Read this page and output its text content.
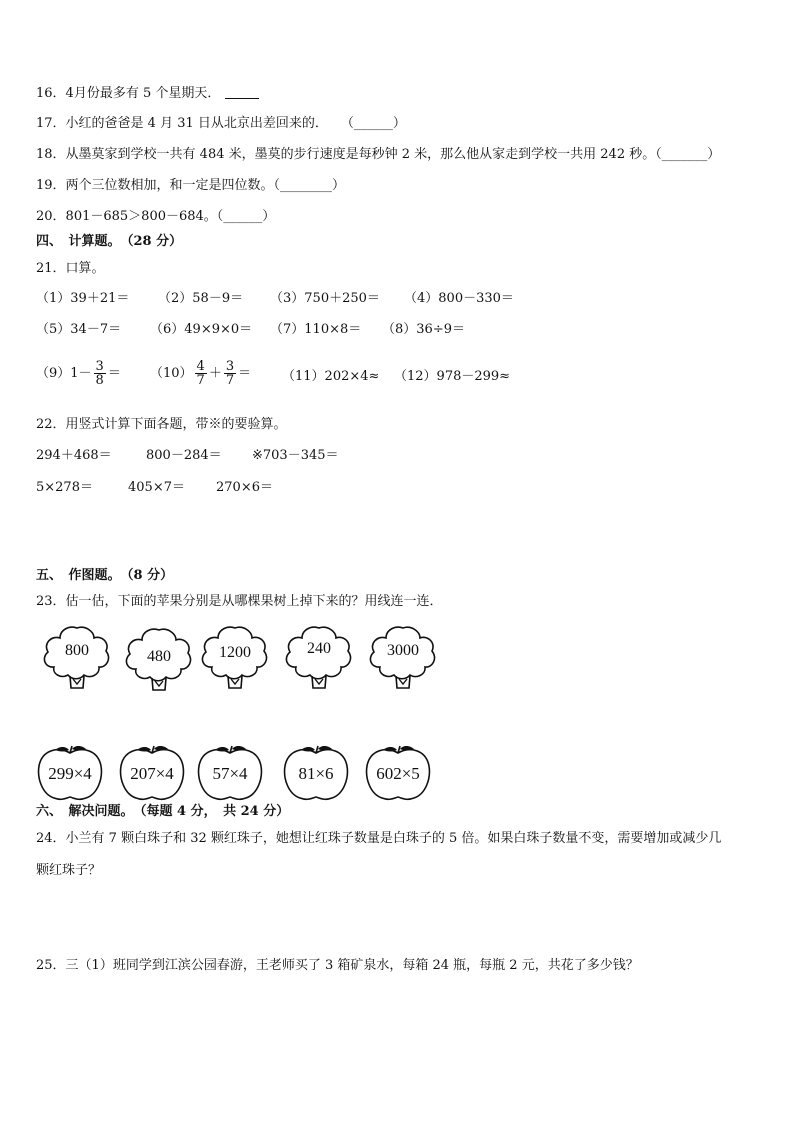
16．4月份最多有 5 个星期天．
17．小红的爸爸是 4 月 31 日从北京出差回来的．　　（______）
18．从墨莫家到学校一共有 484 米，墨莫的步行速度是每秒钟 2 米，那么他从家走到学校一共用 242 秒。（_______）
19．两个三位数相加，和一定是四位数。（________）
20．801－685＞800－684。（______）
四、　计算题。　（28 分）
21．口算。
（1）39＋21＝ （2）58－9＝ （3）750＋250＝ （4）800－330＝
（5）34－7＝ （6）49×9×0＝ （7）110×8＝ （8）36÷9＝
$(9)1- \frac{3}{8} = (10) \frac{4}{7} + \frac{3}{7} = (11)202\times 4\approx (12)978-299\approx$
22．用竖式计算下面各题，带※的要验算。
294＋468＝	800－284＝ ※703－345＝
5×278＝	405×7＝ 270×6＝
五、　作图题。　（8 分）
23．估一估，下面的苹果分别是从哪棵果树上掉下来的？用线连一连．
800	480	1200	240	3000
299×4	207×4	57×4	81×6	602×5
六、　解决问题。　（每题 4 分，　共 24 分）
24．小兰有 7 颗白珠子和 32 颗红珠子，她想让红珠子数量是白珠子的 5 倍。如果白珠子数量不变，需要增加或减少几
颗红珠子？
25．三（1）班同学到江滨公园春游，王老师买了 3 箱矿泉水，每箱 24 瓶，每瓶 2 元，共花了多少钱？
